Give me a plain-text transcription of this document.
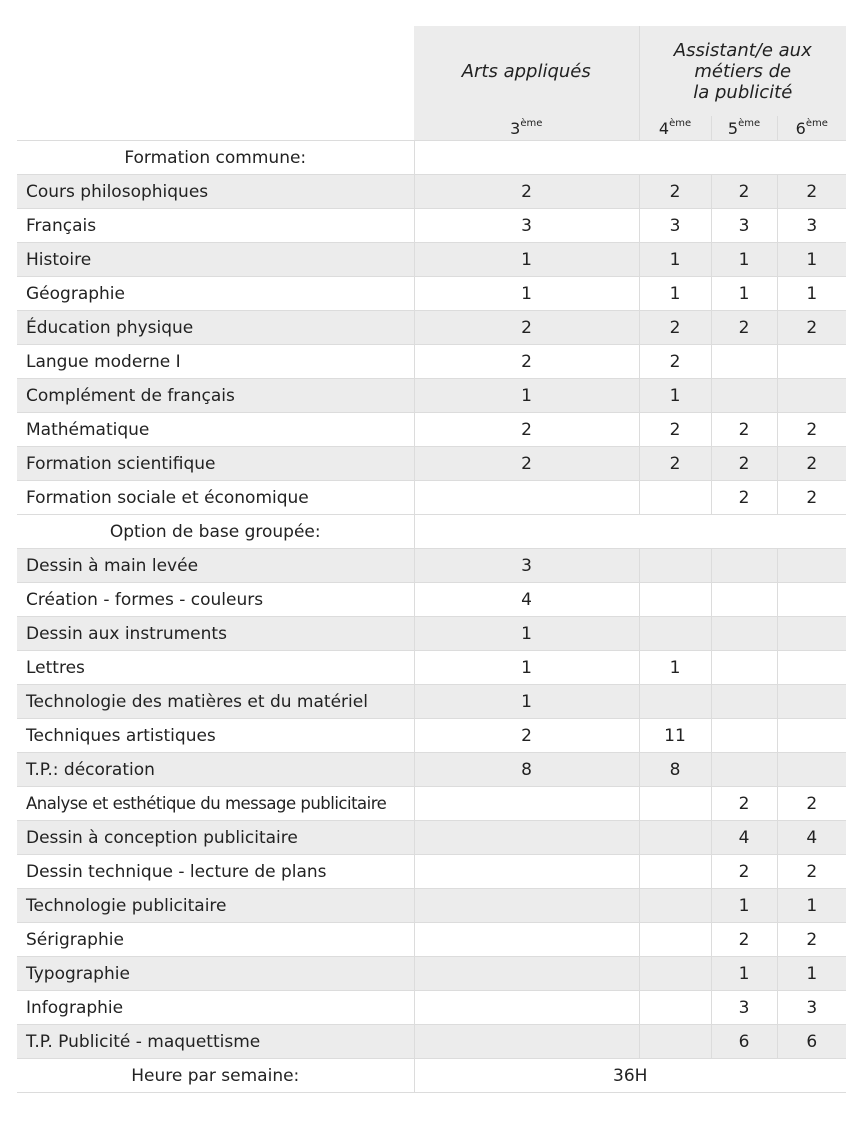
	Arts appliqués	Assistant/e aux
métiers de
la publicité		

	3ème	4ème	5ème	6ème
Formation commune:				
Cours philosophiques	2	2	2	2
Français	3	3	3	3
Histoire	1	1	1	1
Géographie	1	1	1	1
Éducation physique	2	2	2	2
Langue moderne I	2	2		
Complément de français	1	1		
Mathématique	2	2	2	2
Formation scientifique	2	2	2	2
Formation sociale et économique			2	2
Option de base groupée:				
Dessin à main levée	3			
Création - formes - couleurs	4			
Dessin aux instruments	1			
Lettres	1	1		
Technologie des matières et du matériel	1			
Techniques artistiques	2	11		
T.P.: décoration	8	8		
Analyse et esthétique du message publicitaire			2	2
Dessin à conception publicitaire			4	4
Dessin technique - lecture de plans			2	2
Technologie publicitaire			1	1
Sérigraphie			2	2
Typographie			1	1
Infographie			3	3
T.P. Publicité - maquettisme			6	6
Heure par semaine:	36H			
